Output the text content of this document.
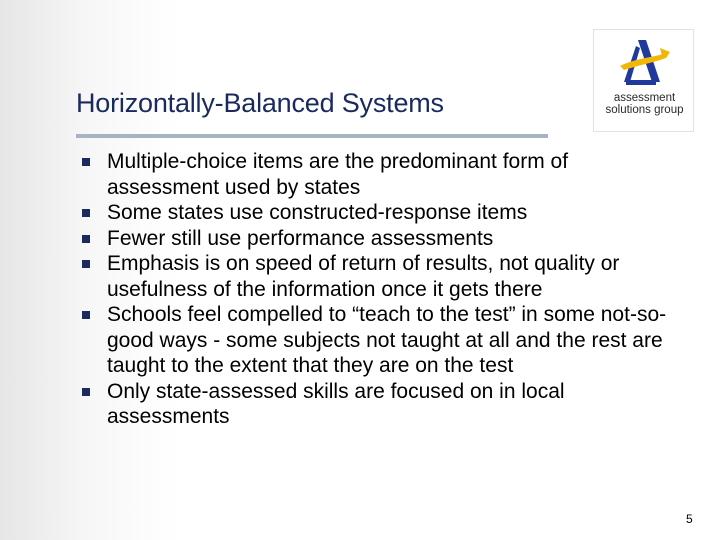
Horizontally-Balanced Systems	assessment
solutions group
Multiple-choice items are the predominant form of assessment used by states
Some states use constructed-response items
Fewer still use performance assessments
Emphasis is on speed of return of results, not quality or usefulness of the information once it gets there
Schools feel compelled to “teach to the test” in some not-so-good ways - some subjects not taught at all and the rest are taught to the extent that they are on the test
Only state-assessed skills are focused on in local assessments
5
